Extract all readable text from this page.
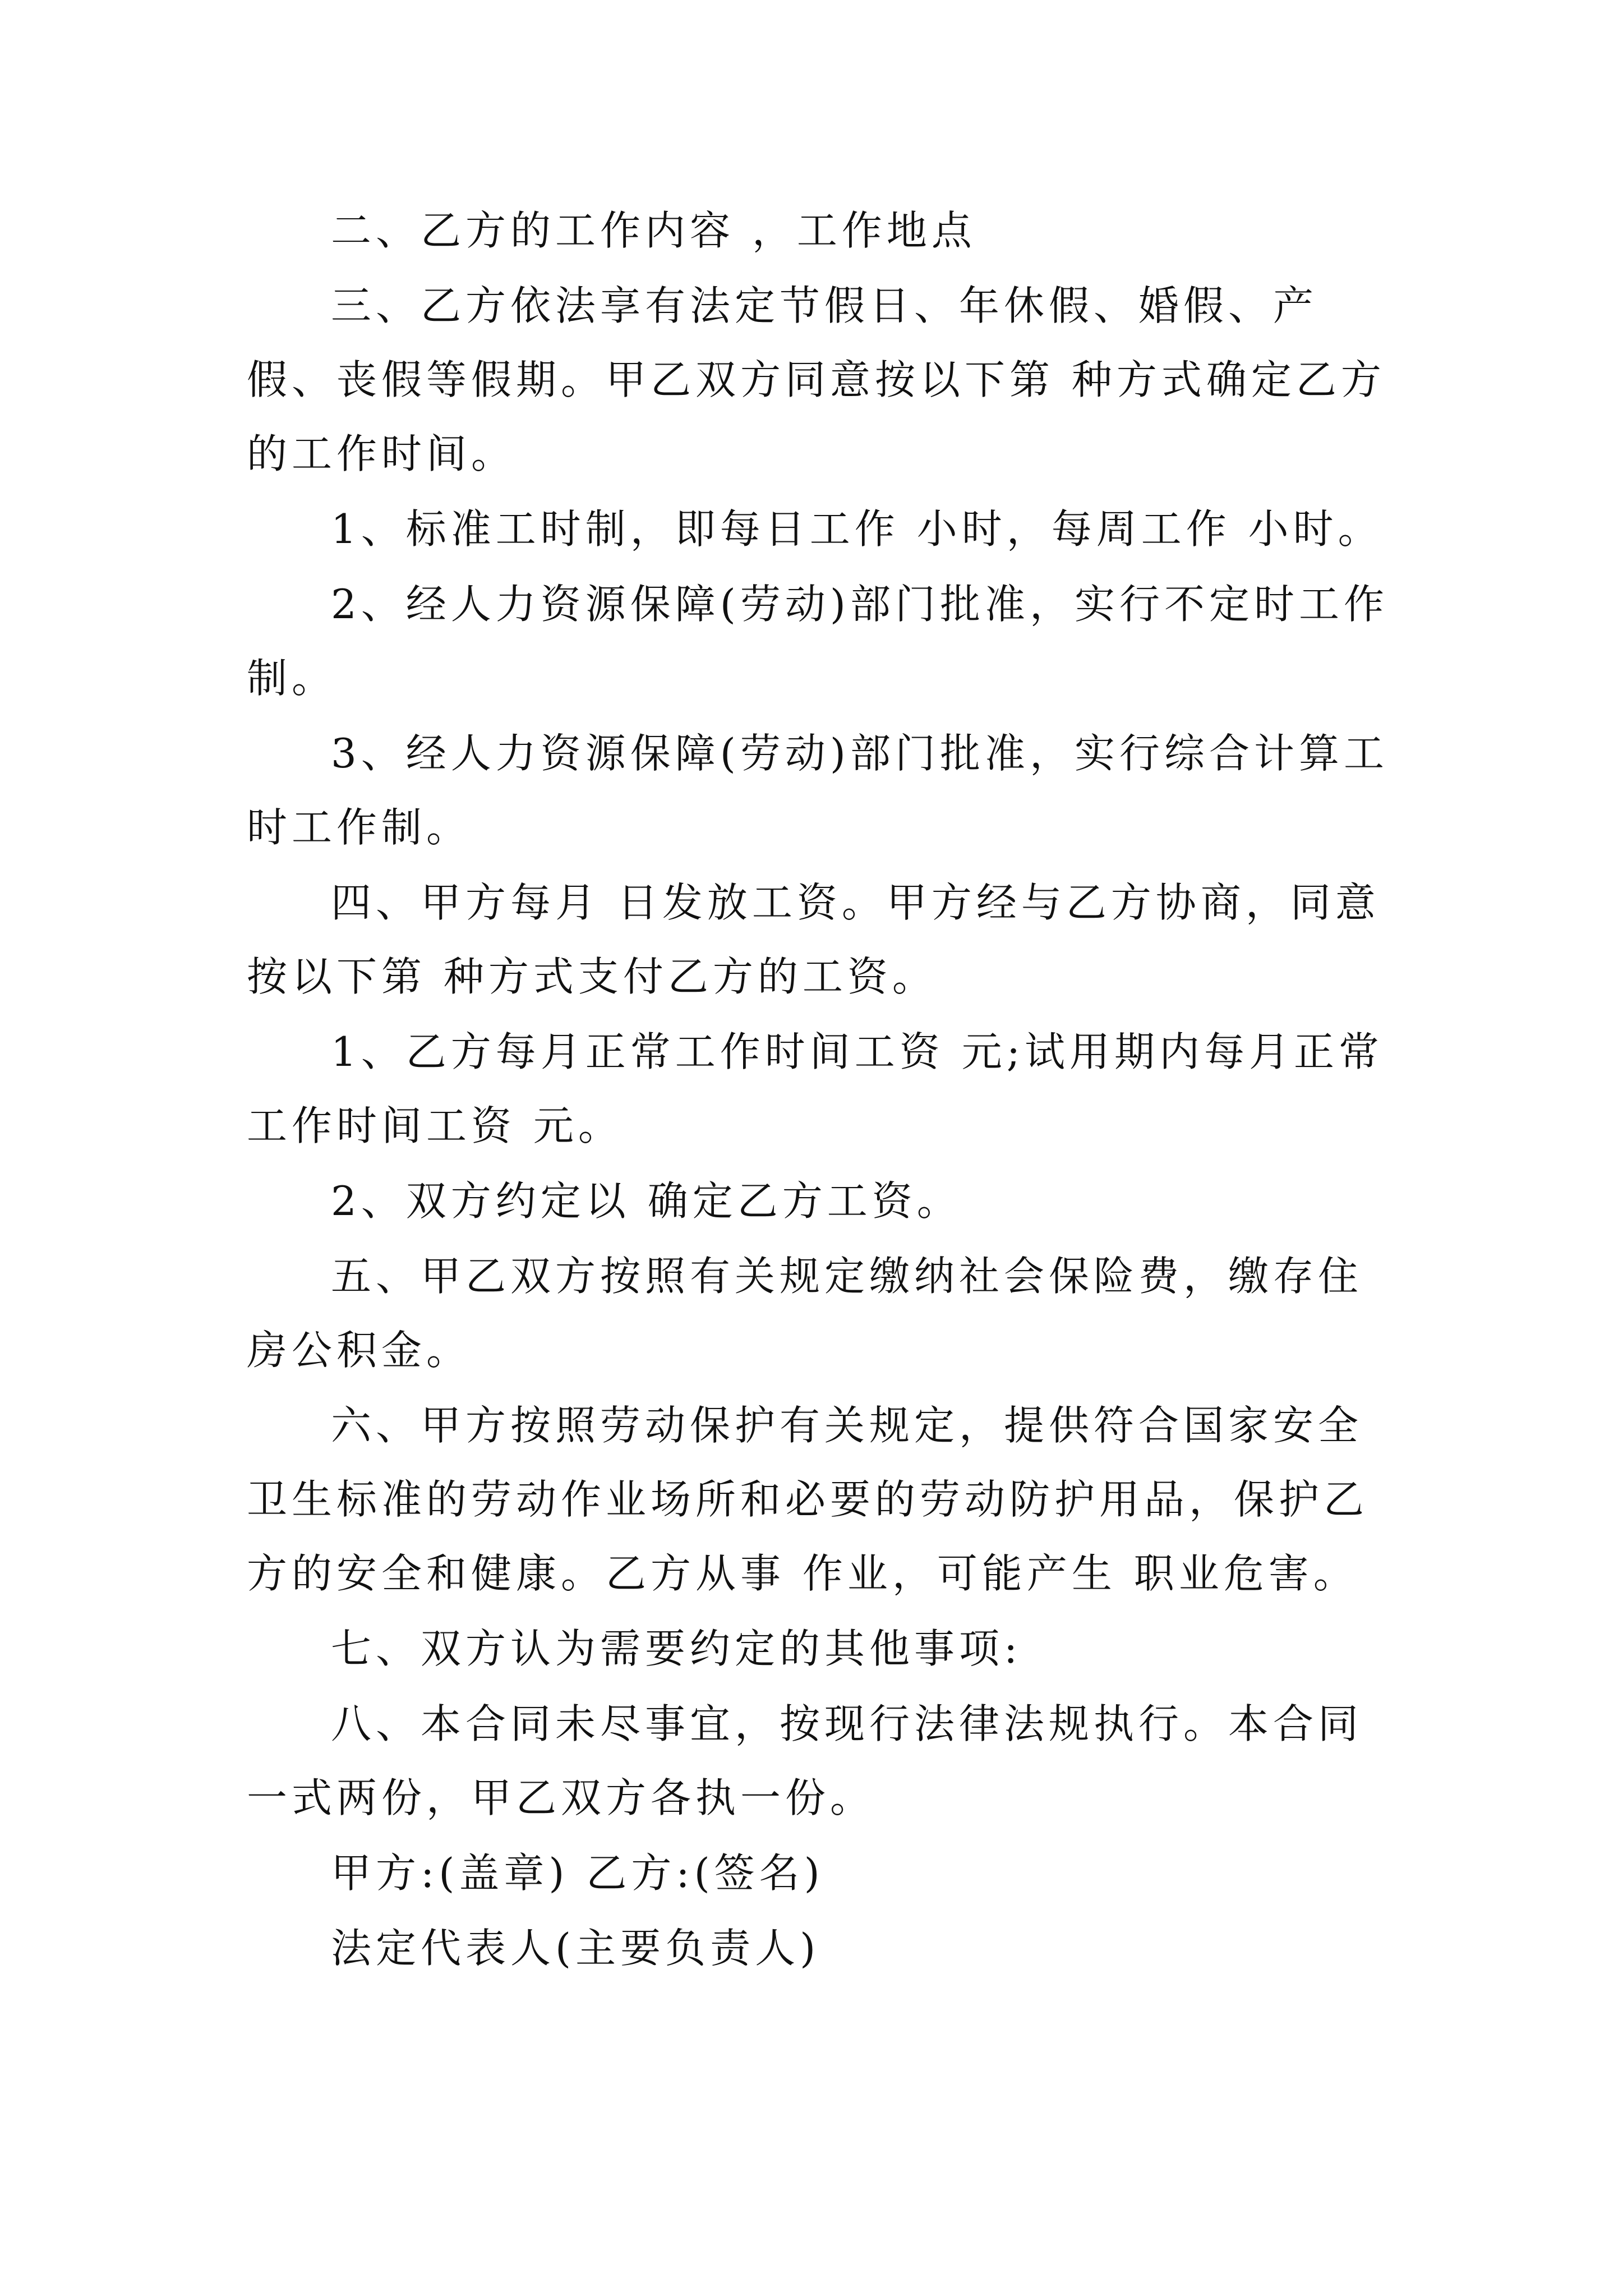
二、乙方的工作内容 ，工作地点

三、乙方依法享有法定节假日、年休假、婚假、产假、丧假等假期。甲乙双方同意按以下第 种方式确定乙方的工作时间。

1、标准工时制，即每日工作 小时，每周工作 小时。

2、经人力资源保障(劳动)部门批准，实行不定时工作制。

3、经人力资源保障(劳动)部门批准，实行综合计算工时工作制。

四、甲方每月 日发放工资。甲方经与乙方协商，同意按以下第 种方式支付乙方的工资。

1、乙方每月正常工作时间工资 元;试用期内每月正常工作时间工资 元。

2、双方约定以 确定乙方工资。

五、甲乙双方按照有关规定缴纳社会保险费，缴存住房公积金。

六、甲方按照劳动保护有关规定，提供符合国家安全卫生标准的劳动作业场所和必要的劳动防护用品，保护乙方的安全和健康。乙方从事 作业，可能产生 职业危害。

七、双方认为需要约定的其他事项:

八、本合同未尽事宜，按现行法律法规执行。本合同一式两份，甲乙双方各执一份。

甲方:(盖章) 乙方:(签名)

法定代表人(主要负责人)
